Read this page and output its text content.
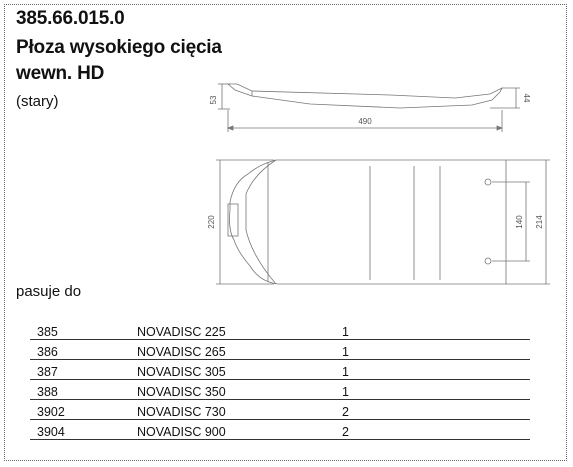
385.66.015.0
Płoza wysokiego cięcia
wewn. HD
(stary)	53	44
490
220	140 214
pasuje do
385	NOVADISC 225	1
386	NOVADISC 265	1
387	NOVADISC 305	1
388	NOVADISC 350	1
3902	NOVADISC 730	2
3904	NOVADISC 900	2
